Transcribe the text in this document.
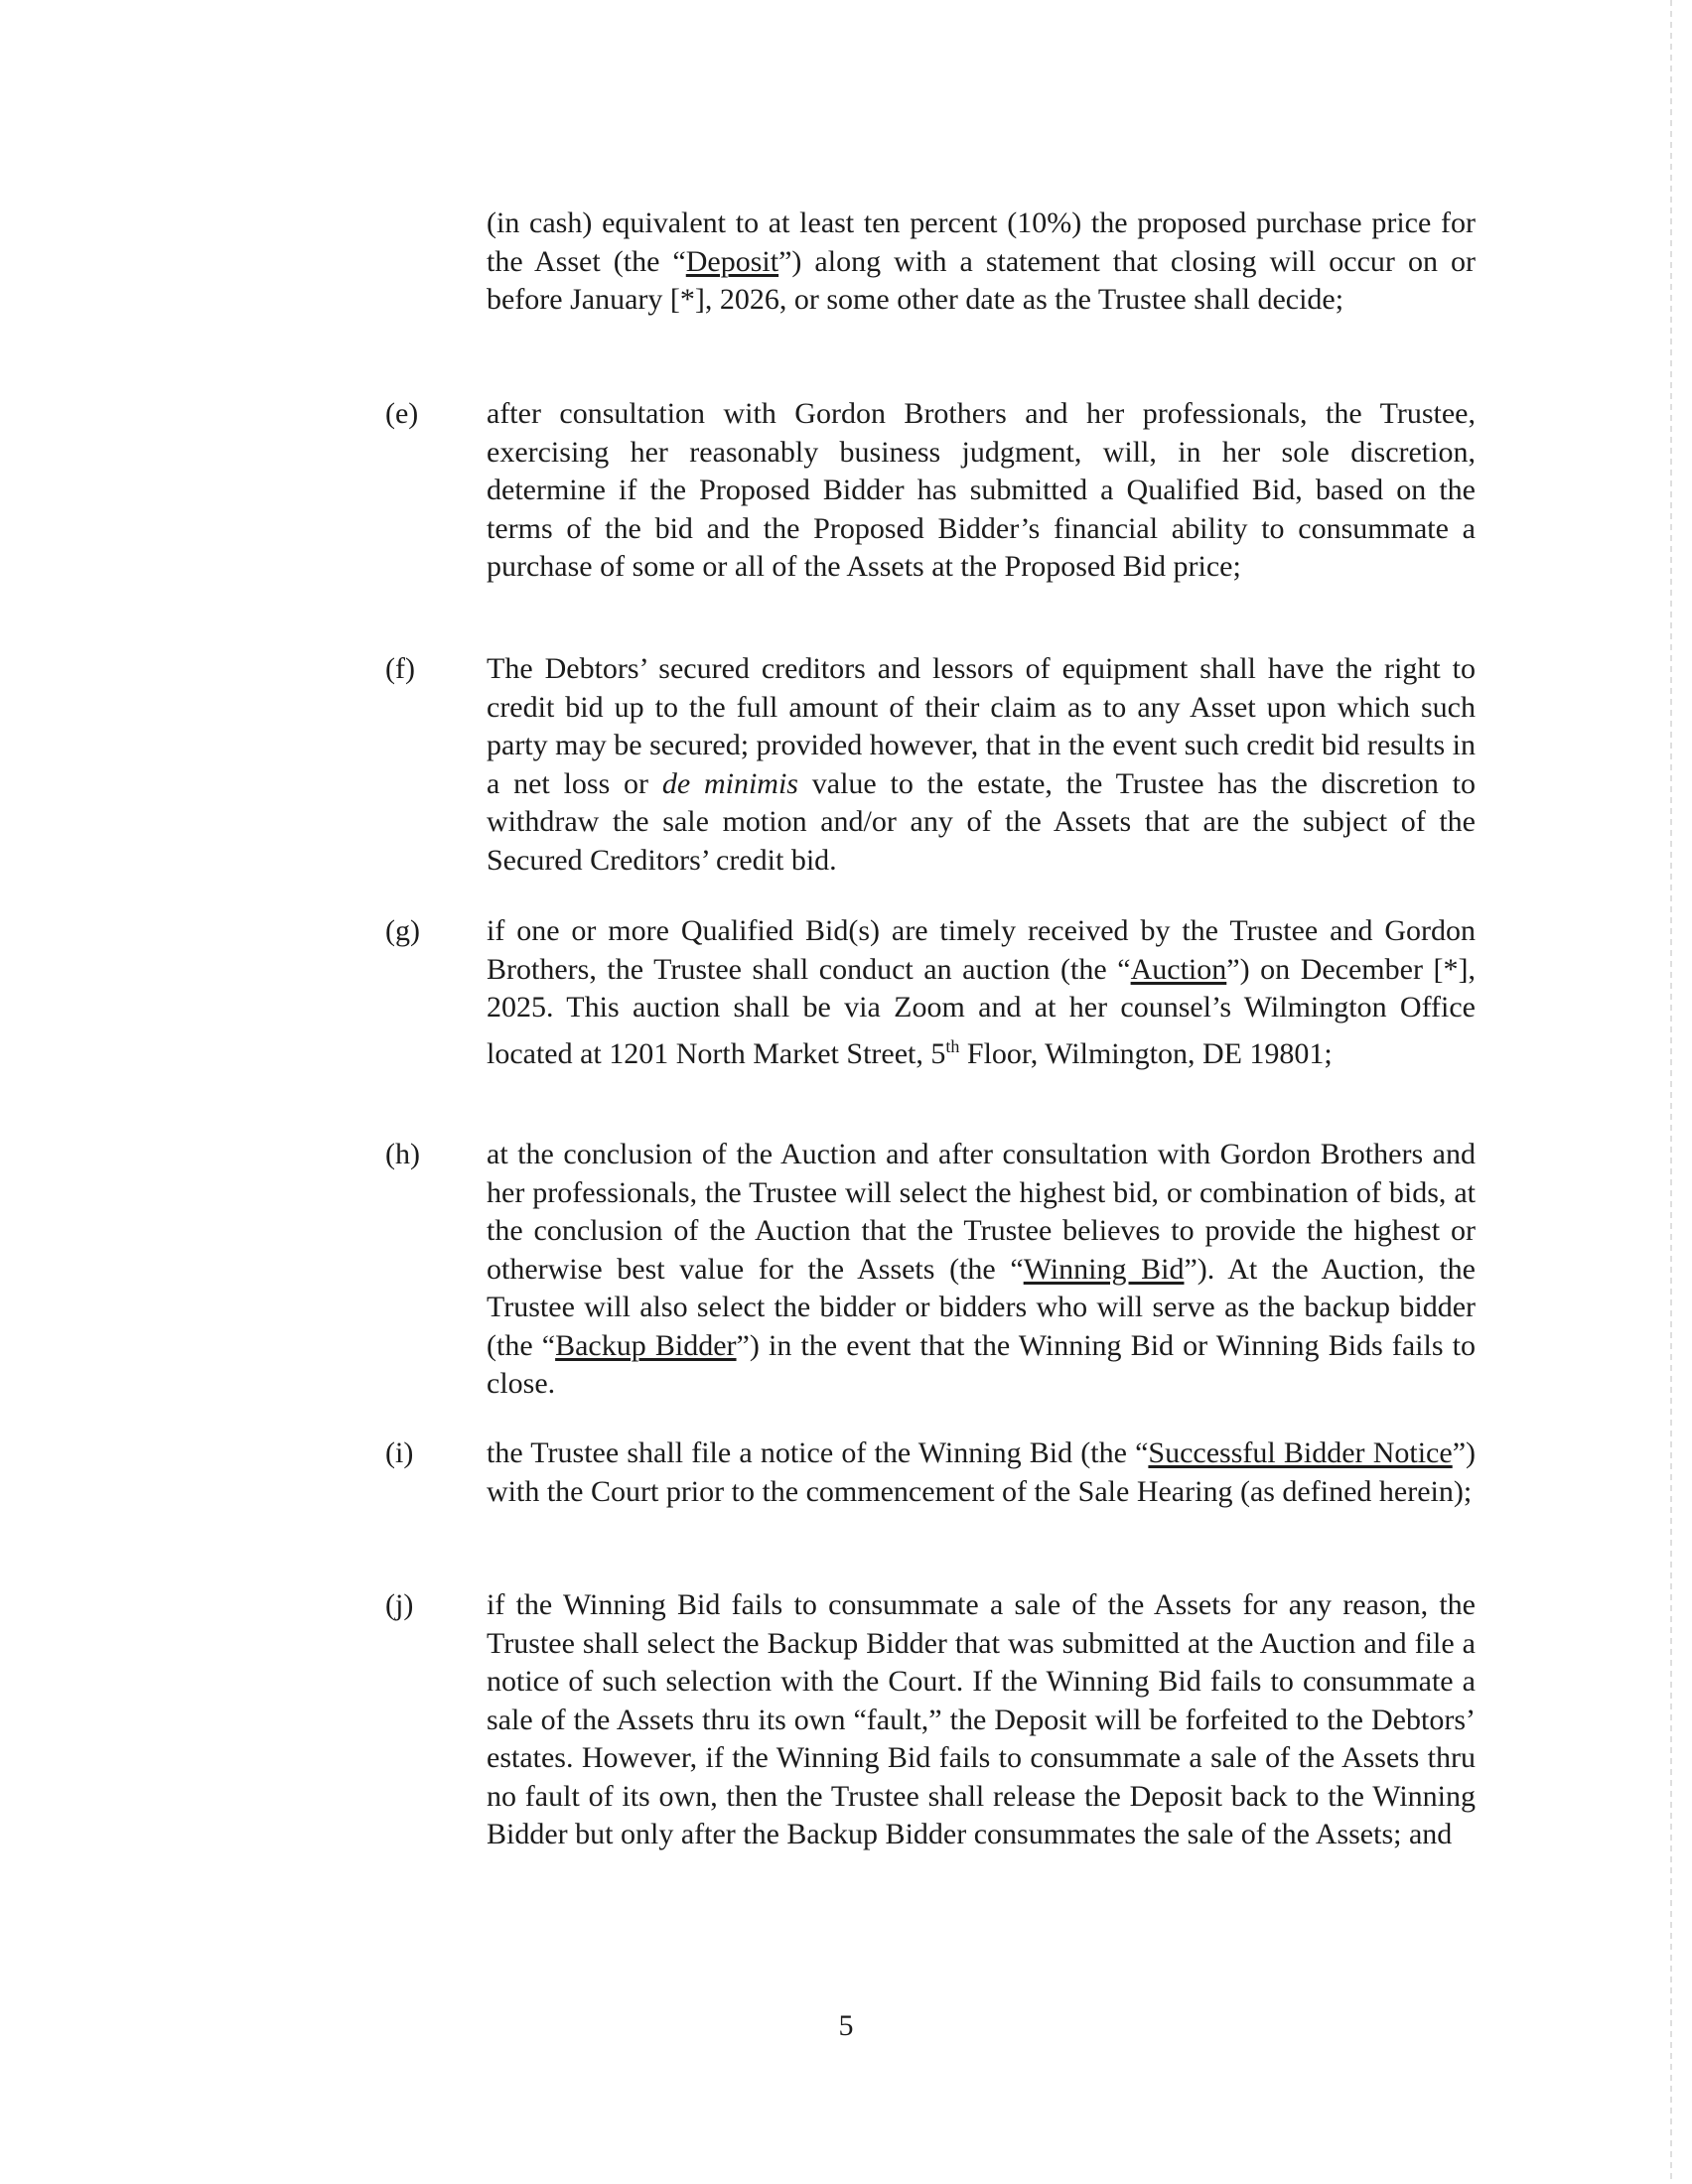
(in cash) equivalent to at least ten percent (10%) the proposed purchase price for the Asset (the “Deposit”) along with a statement that closing will occur on or before January [*], 2026, or some other date as the Trustee shall decide;

(e) after consultation with Gordon Brothers and her professionals, the Trustee, exercising her reasonably business judgment, will, in her sole discretion, determine if the Proposed Bidder has submitted a Qualified Bid, based on the terms of the bid and the Proposed Bidder’s financial ability to consummate a purchase of some or all of the Assets at the Proposed Bid price;

(f) The Debtors’ secured creditors and lessors of equipment shall have the right to credit bid up to the full amount of their claim as to any Asset upon which such party may be secured; provided however, that in the event such credit bid results in a net loss or de minimis value to the estate, the Trustee has the discretion to withdraw the sale motion and/or any of the Assets that are the subject of the Secured Creditors’ credit bid.

(g) if one or more Qualified Bid(s) are timely received by the Trustee and Gordon Brothers, the Trustee shall conduct an auction (the “Auction”) on December [*], 2025. This auction shall be via Zoom and at her counsel’s Wilmington Office located at 1201 North Market Street, 5th Floor, Wilmington, DE 19801;

(h) at the conclusion of the Auction and after consultation with Gordon Brothers and her professionals, the Trustee will select the highest bid, or combination of bids, at the conclusion of the Auction that the Trustee believes to provide the highest or otherwise best value for the Assets (the “Winning Bid”). At the Auction, the Trustee will also select the bidder or bidders who will serve as the backup bidder (the “Backup Bidder”) in the event that the Winning Bid or Winning Bids fails to close.

(i) the Trustee shall file a notice of the Winning Bid (the “Successful Bidder Notice”) with the Court prior to the commencement of the Sale Hearing (as defined herein);

(j) if the Winning Bid fails to consummate a sale of the Assets for any reason, the Trustee shall select the Backup Bidder that was submitted at the Auction and file a notice of such selection with the Court. If the Winning Bid fails to consummate a sale of the Assets thru its own “fault,” the Deposit will be forfeited to the Debtors’ estates. However, if the Winning Bid fails to consummate a sale of the Assets thru no fault of its own, then the Trustee shall release the Deposit back to the Winning Bidder but only after the Backup Bidder consummates the sale of the Assets; and

5
